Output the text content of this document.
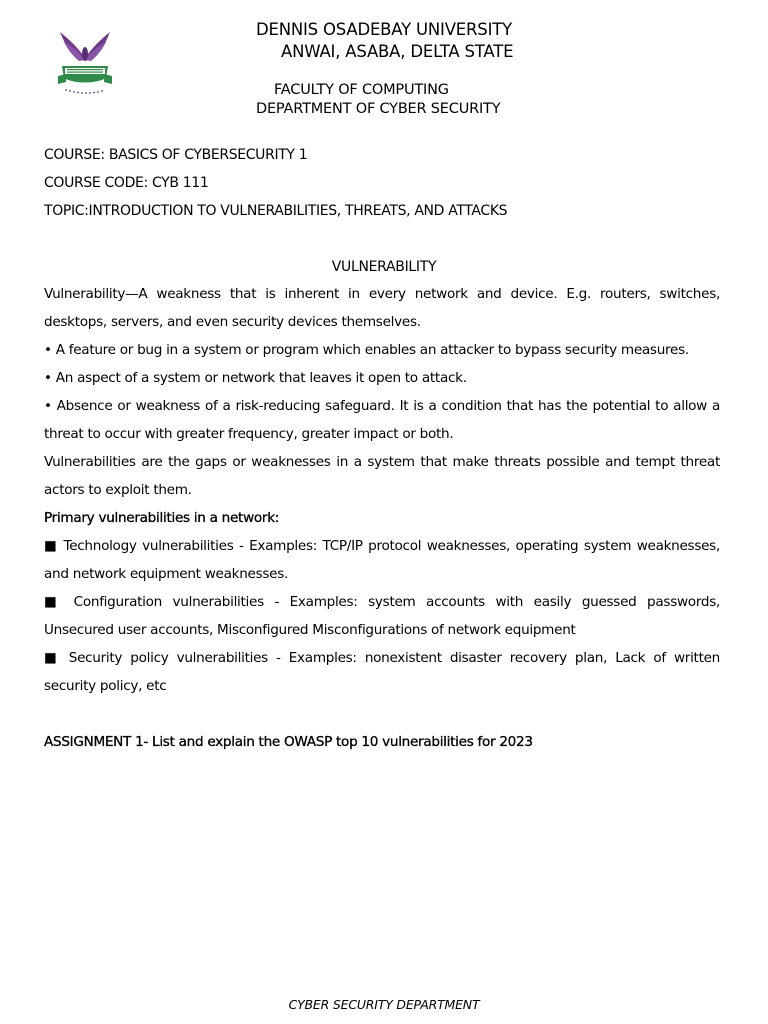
DENNIS OSADEBAY UNIVERSITY
ANWAI, ASABA, DELTA STATE
FACULTY OF COMPUTING
DEPARTMENT OF CYBER SECURITY
COURSE: BASICS OF CYBERSECURITY 1
COURSE CODE: CYB 111
TOPIC:INTRODUCTION TO VULNERABILITIES, THREATS, AND ATTACKS
VULNERABILITY

Vulnerability—A weakness that is inherent in every network and device. E.g. routers, switches, desktops, servers, and even security devices themselves.

• A feature or bug in a system or program which enables an attacker to bypass security measures.

• An aspect of a system or network that leaves it open to attack.

• Absence or weakness of a risk-reducing safeguard. It is a condition that has the potential to allow a threat to occur with greater frequency, greater impact or both.

Vulnerabilities are the gaps or weaknesses in a system that make threats possible and tempt threat actors to exploit them.

Primary vulnerabilities in a network:

■ Technology vulnerabilities - Examples: TCP/IP protocol weaknesses, operating system weaknesses, and network equipment weaknesses.

■ Configuration vulnerabilities - Examples: system accounts with easily guessed passwords, Unsecured user accounts, Misconfigured Misconfigurations of network equipment

■ Security policy vulnerabilities - Examples: nonexistent disaster recovery plan, Lack of written security policy, etc

ASSIGNMENT 1- List and explain the OWASP top 10 vulnerabilities for 2023

CYBER SECURITY DEPARTMENT
